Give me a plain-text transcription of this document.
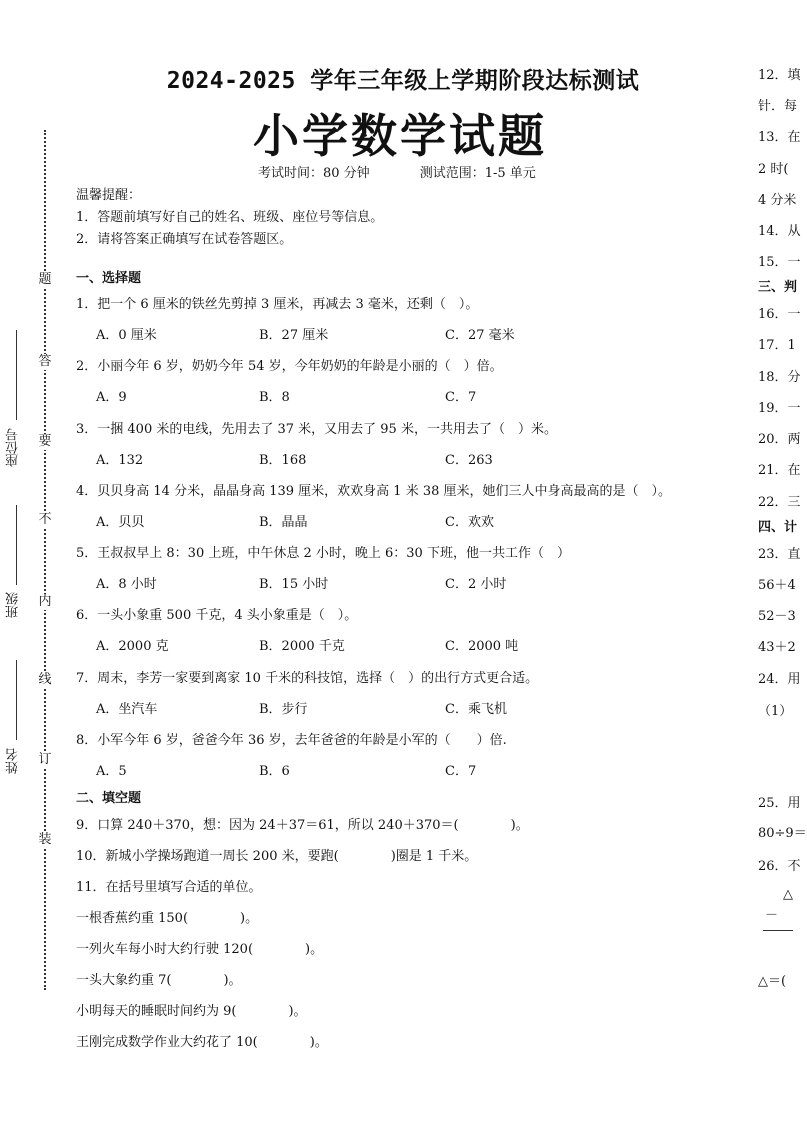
座位号
班级
姓名
题
答
要
不
内
线
订
装
2024-2025 学年三年级上学期阶段达标测试
小学数学试题
考试时间：80 分钟	测试范围：1-5 单元
温馨提醒：
1．答题前填写好自己的姓名、班级、座位号等信息。
2．请将答案正确填写在试卷答题区。
一、选择题
1．把一个 6 厘米的铁丝先剪掉 3 厘米，再减去 3 毫米，还剩（　）。
A．0 厘米	B．27 厘米	C．27 毫米
2．小丽今年 6 岁，奶奶今年 54 岁，今年奶奶的年龄是小丽的（　）倍。
A．9	B．8	C．7
3．一捆 400 米的电线，先用去了 37 米，又用去了 95 米，一共用去了（　）米。
A．132	B．168	C．263
4．贝贝身高 14 分米，晶晶身高 139 厘米，欢欢身高 1 米 38 厘米，她们三人中身高最高的是（　）。
A．贝贝	B．晶晶	C．欢欢
5．王叔叔早上 8：30 上班，中午休息 2 小时，晚上 6：30 下班，他一共工作（　）
A．8 小时	B．15 小时	C．2 小时
6．一头小象重 500 千克，4 头小象重是（　）。
A．2000 克	B．2000 千克	C．2000 吨
7．周末，李芳一家要到离家 10 千米的科技馆，选择（　）的出行方式更合适。
A．坐汽车	B．步行	C．乘飞机
8．小军今年 6 岁，爸爸今年 36 岁，去年爸爸的年龄是小军的（　　）倍.
A．5	B．6	C．7
二、填空题
9．口算 240＋370，想：因为 24＋37＝61，所以 240＋370＝(　　　　)。
10．新城小学操场跑道一周长 200 米，要跑(　　　　)圈是 1 千米。
11．在括号里填写合适的单位。
一根香蕉约重 150(　　　　)。
一列火车每小时大约行驶 120(　　　　)。
一头大象约重 7(　　　　)。
小明每天的睡眠时间约为 9(　　　　)。
王刚完成数学作业大约花了 10(　　　　)。
12．填
针．每
13．在
2 时(
4 分米
14．从
15．一
三、判
16．一
17．1
18．分
19．一
20．两
21．在
22．三
四、计
23．直
56＋4
52－3
43＋2
24．用
（1）
25．用
80÷9＝
26．不
△
－
△＝(
